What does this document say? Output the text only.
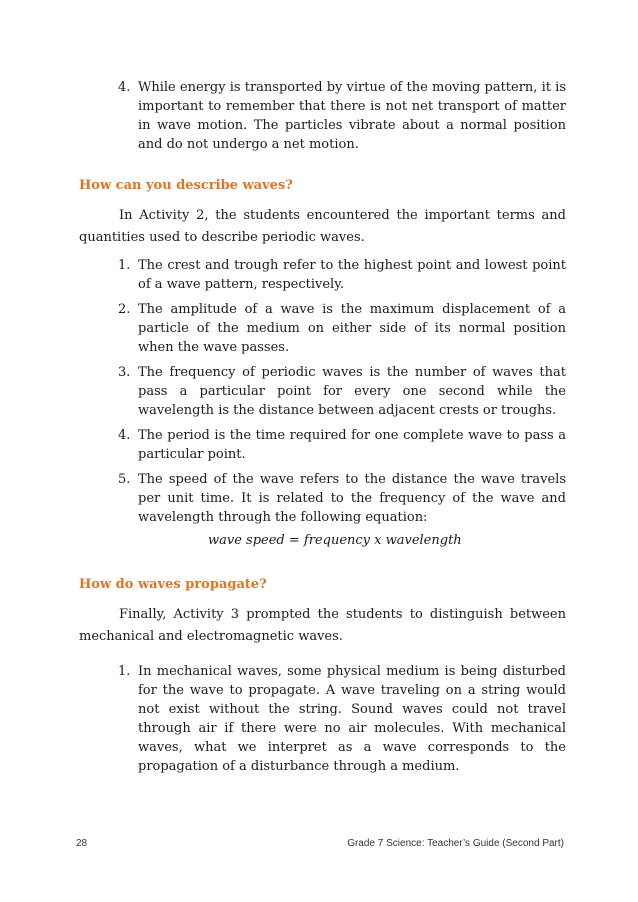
4. While energy is transported by virtue of the moving pattern, it is important to remember that there is not net transport of matter in wave motion. The particles vibrate about a normal position and do not undergo a net motion.
How can you describe waves?
In Activity 2, the students encountered the important terms and quantities used to describe periodic waves.
1. The crest and trough refer to the highest point and lowest point of a wave pattern, respectively.
2. The amplitude of a wave is the maximum displacement of a particle of the medium on either side of its normal position when the wave passes.
3. The frequency of periodic waves is the number of waves that pass a particular point for every one second while the wavelength is the distance between adjacent crests or troughs.
4. The period is the time required for one complete wave to pass a particular point.
5. The speed of the wave refers to the distance the wave travels per unit time. It is related to the frequency of the wave and wavelength through the following equation:
wave speed = frequency x wavelength
How do waves propagate?
Finally, Activity 3 prompted the students to distinguish between mechanical and electromagnetic waves.
1. In mechanical waves, some physical medium is being disturbed for the wave to propagate. A wave traveling on a string would not exist without the string. Sound waves could not travel through air if there were no air molecules. With mechanical waves, what we interpret as a wave corresponds to the propagation of a disturbance through a medium.
28	Grade 7 Science: Teacher’s Guide (Second Part)
